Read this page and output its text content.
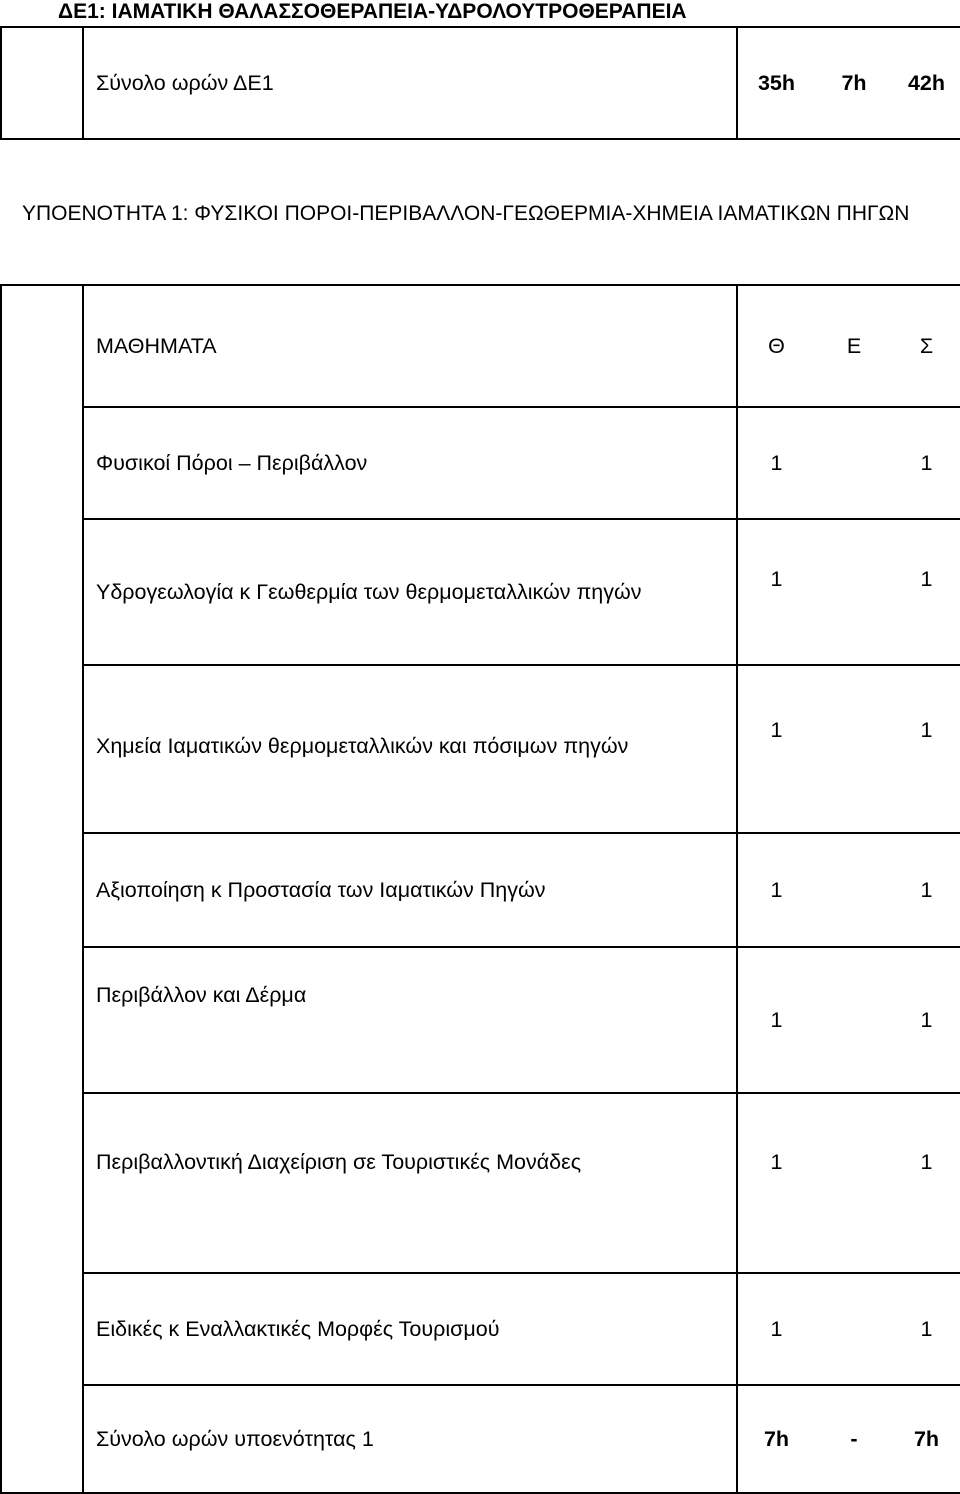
ΔΕ1: ΙΑΜΑΤΙΚΗ ΘΑΛΑΣΣΟΘΕΡΑΠΕΙΑ-ΥΔΡΟΛΟΥΤΡΟΘΕΡΑΠΕΙΑ
	Σύνολο ωρών ΔΕ1	35h	7h	42h
ΥΠΟΕΝΟΤΗΤΑ 1: ΦΥΣΙΚΟΙ ΠΟΡΟΙ-ΠΕΡΙΒΑΛΛΟΝ-ΓΕΩΘΕΡΜΙΑ-ΧΗΜΕΙΑ ΙΑΜΑΤΙΚΩΝ ΠΗΓΩΝ
	ΜΑΘΗΜΑΤΑ	Θ	Ε	Σ
	Φυσικοί Πόροι – Περιβάλλον	1		1
	Υδρογεωλογία κ Γεωθερμία των θερμομεταλλικών πηγών	1		1
	Χημεία Ιαματικών θερμομεταλλικών και πόσιμων πηγών	1		1
	Αξιοποίηση κ Προστασία των Ιαματικών Πηγών	1		1
	Περιβάλλον και Δέρμα	1		1
	Περιβαλλοντική Διαχείριση σε Τουριστικές Μονάδες	1		1
	Ειδικές κ Εναλλακτικές Μορφές Τουρισμού	1		1
	Σύνολο ωρών υποενότητας 1	7h	-	7h
